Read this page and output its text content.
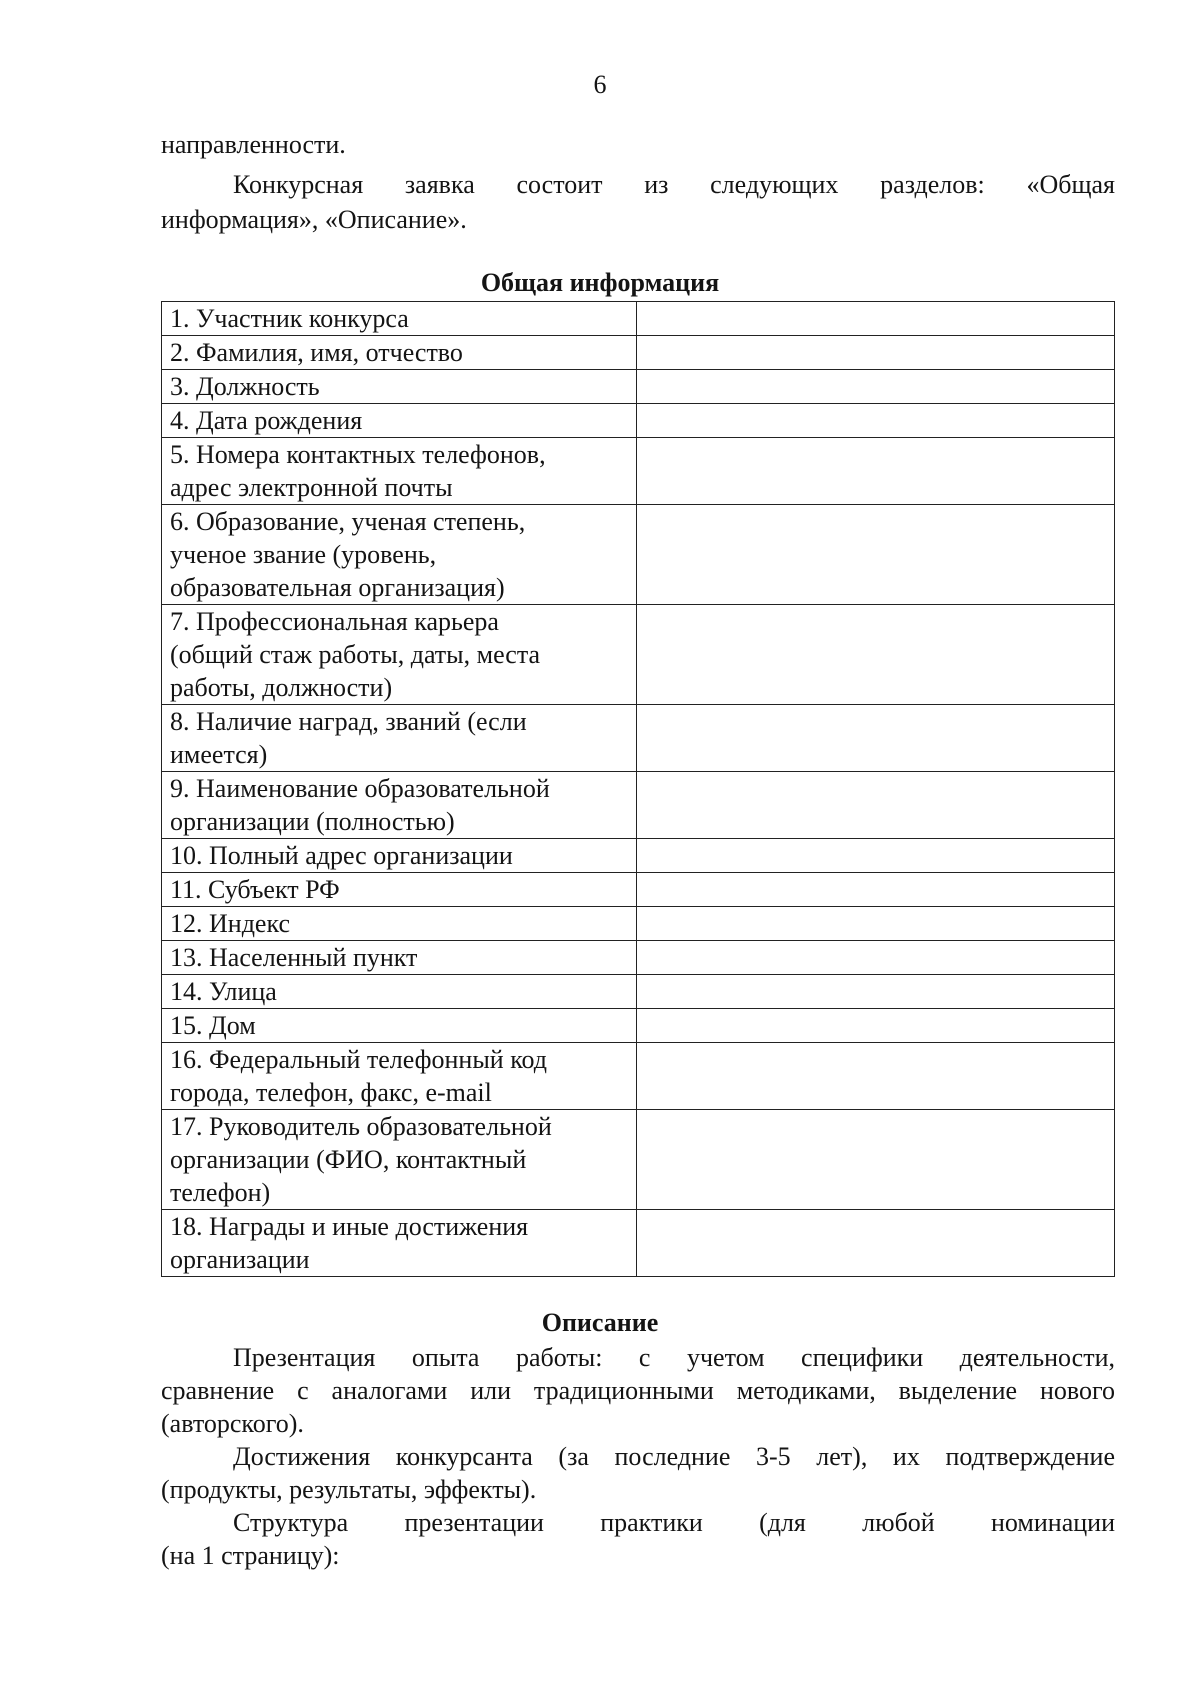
6
направленности.
Конкурсная заявка состоит из следующих разделов: «Общая
информация», «Описание».
Общая информация
1. Участник конкурса	

2. Фамилия, имя, отчество	

3. Должность	

4. Дата рождения	

5. Номера контактных телефонов,
адрес электронной почты	

6. Образование, ученая степень,
ученое звание (уровень,
образовательная организация)	

7. Профессиональная карьера
(общий стаж работы, даты, места
работы, должности)	

8. Наличие наград, званий (если
имеется)	

9. Наименование образовательной
организации (полностью)	

10. Полный адрес организации	

11. Субъект РФ	

12. Индекс	

13. Населенный пункт	

14. Улица	

15. Дом	

16. Федеральный телефонный код
города, телефон, факс, e-mail	

17. Руководитель образовательной
организации (ФИО, контактный
телефон)	

18. Награды и иные достижения
организации	

Описание
Презентация опыта работы: с учетом специфики деятельности,
сравнение с аналогами или традиционными методиками, выделение нового
(авторского).
Достижения конкурсанта (за последние 3-5 лет), их подтверждение
(продукты, результаты, эффекты).
Структура презентации практики (для любой номинации
(на 1 страницу):
